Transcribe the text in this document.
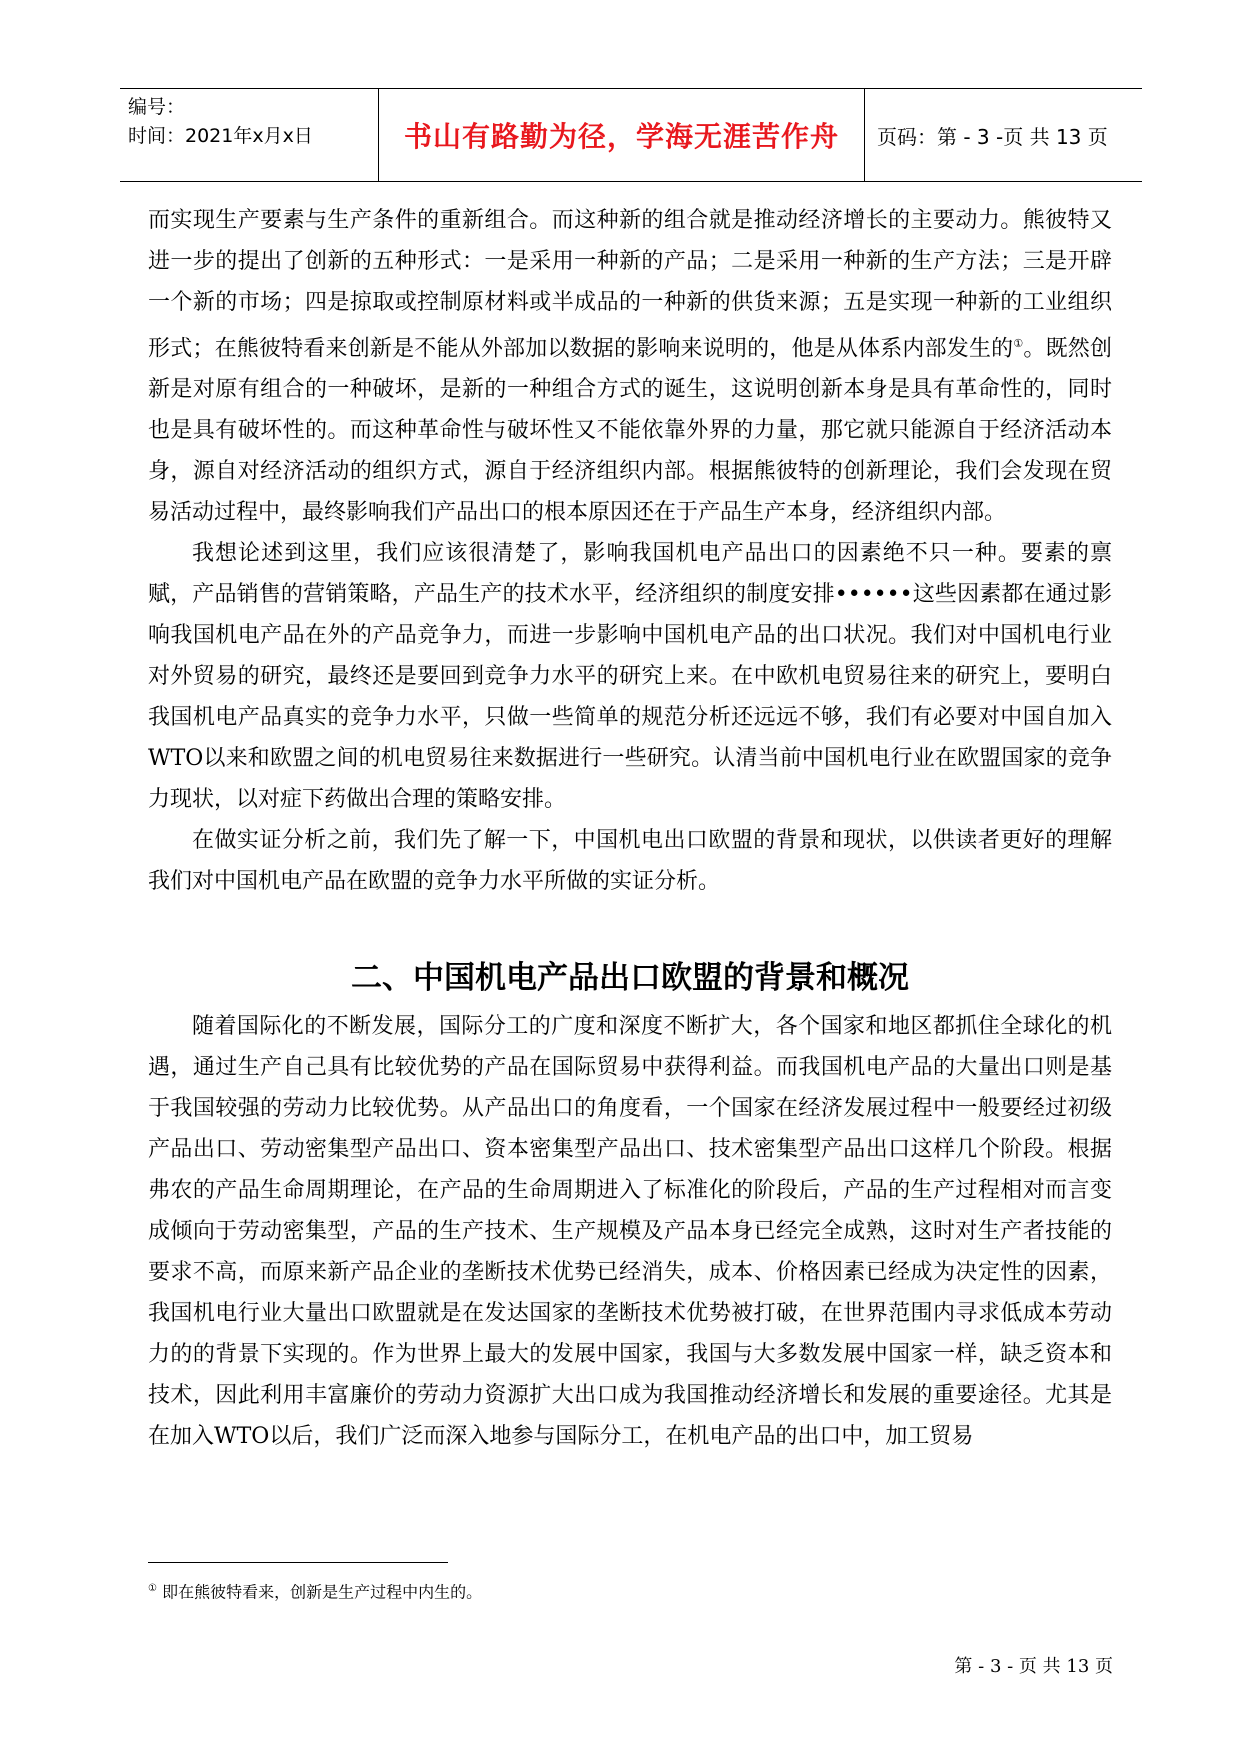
编号：
时间：2021年x月x日	书山有路勤为径，学海无涯苦作舟	页码：第 - 3 -页 共 13 页

而实现生产要素与生产条件的重新组合。而这种新的组合就是推动经济增长的主要动力。熊彼特又进一步的提出了创新的五种形式：一是采用一种新的产品；二是采用一种新的生产方法；三是开辟一个新的市场；四是掠取或控制原材料或半成品的一种新的供货来源；五是实现一种新的工业组织形式；在熊彼特看来创新是不能从外部加以数据的影响来说明的，他是从体系内部发生的①。既然创新是对原有组合的一种破坏，是新的一种组合方式的诞生，这说明创新本身是具有革命性的，同时也是具有破坏性的。而这种革命性与破坏性又不能依靠外界的力量，那它就只能源自于经济活动本身，源自对经济活动的组织方式，源自于经济组织内部。根据熊彼特的创新理论，我们会发现在贸易活动过程中，最终影响我们产品出口的根本原因还在于产品生产本身，经济组织内部。

我想论述到这里，我们应该很清楚了，影响我国机电产品出口的因素绝不只一种。要素的禀赋，产品销售的营销策略，产品生产的技术水平，经济组织的制度安排••••••这些因素都在通过影响我国机电产品在外的产品竞争力，而进一步影响中国机电产品的出口状况。我们对中国机电行业对外贸易的研究，最终还是要回到竞争力水平的研究上来。在中欧机电贸易往来的研究上，要明白我国机电产品真实的竞争力水平，只做一些简单的规范分析还远远不够，我们有必要对中国自加入WTO以来和欧盟之间的机电贸易往来数据进行一些研究。认清当前中国机电行业在欧盟国家的竞争力现状，以对症下药做出合理的策略安排。

在做实证分析之前，我们先了解一下，中国机电出口欧盟的背景和现状，以供读者更好的理解我们对中国机电产品在欧盟的竞争力水平所做的实证分析。

二、中国机电产品出口欧盟的背景和概况

随着国际化的不断发展，国际分工的广度和深度不断扩大，各个国家和地区都抓住全球化的机遇，通过生产自己具有比较优势的产品在国际贸易中获得利益。而我国机电产品的大量出口则是基于我国较强的劳动力比较优势。从产品出口的角度看，一个国家在经济发展过程中一般要经过初级产品出口、劳动密集型产品出口、资本密集型产品出口、技术密集型产品出口这样几个阶段。根据弗农的产品生命周期理论，在产品的生命周期进入了标准化的阶段后，产品的生产过程相对而言变成倾向于劳动密集型，产品的生产技术、生产规模及产品本身已经完全成熟，这时对生产者技能的要求不高，而原来新产品企业的垄断技术优势已经消失，成本、价格因素已经成为决定性的因素，我国机电行业大量出口欧盟就是在发达国家的垄断技术优势被打破，在世界范围内寻求低成本劳动力的的背景下实现的。作为世界上最大的发展中国家，我国与大多数发展中国家一样，缺乏资本和技术，因此利用丰富廉价的劳动力资源扩大出口成为我国推动经济增长和发展的重要途径。尤其是在加入WTO以后，我们广泛而深入地参与国际分工，在机电产品的出口中，加工贸易

① 即在熊彼特看来，创新是生产过程中内生的。
第 - 3 - 页 共 13 页
